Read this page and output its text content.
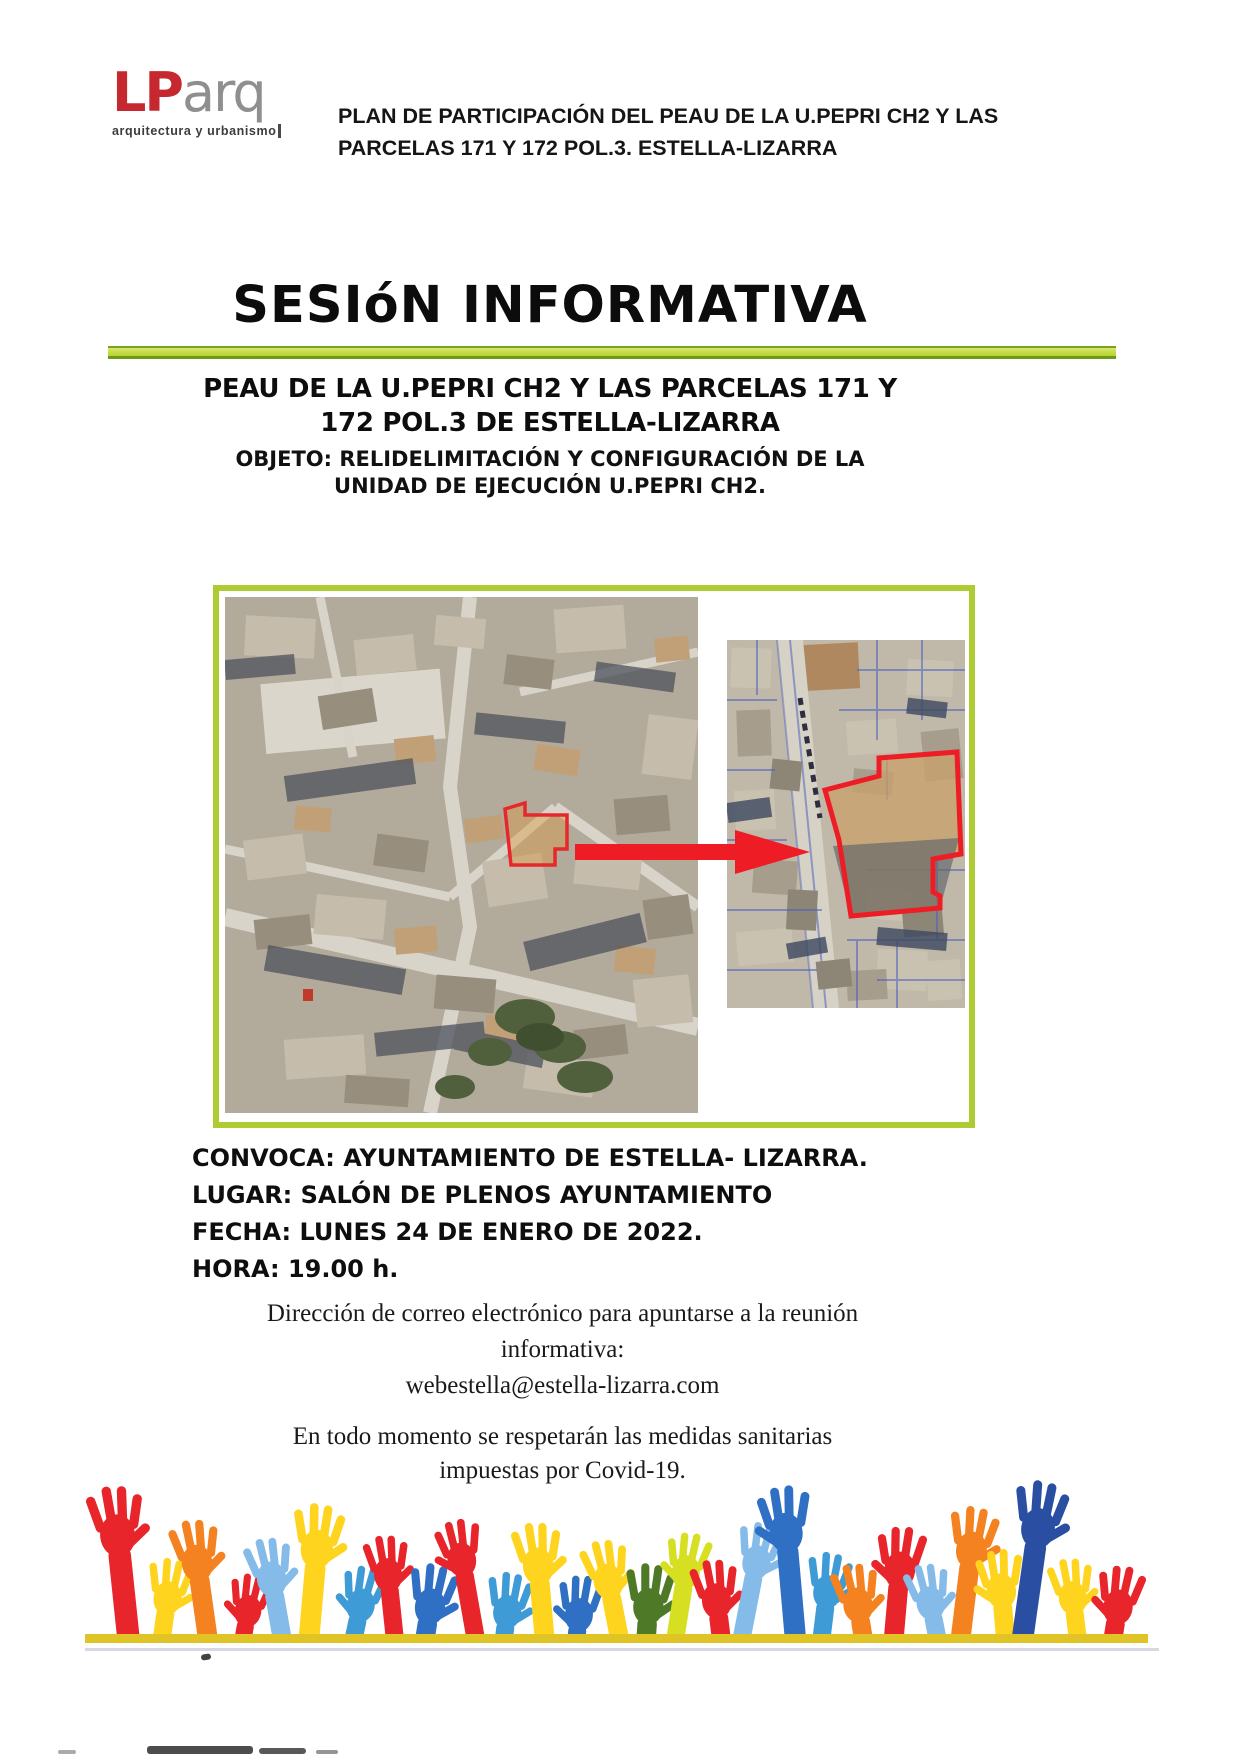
LParq
arquitectura y urbanismo
PLAN DE PARTICIPACIÓN DEL PEAU DE LA U.PEPRI CH2 Y LAS
PARCELAS 171 Y 172 POL.3. ESTELLA-LIZARRA
SESIóN INFORMATIVA
PEAU DE LA U.PEPRI CH2 Y LAS PARCELAS 171 Y
172 POL.3 DE ESTELLA-LIZARRA
OBJETO: RELIDELIMITACIÓN Y CONFIGURACIÓN DE LA
UNIDAD DE EJECUCIÓN U.PEPRI CH2.
CONVOCA: AYUNTAMIENTO DE ESTELLA- LIZARRA.
LUGAR: SALÓN DE PLENOS AYUNTAMIENTO
FECHA: LUNES 24 DE ENERO DE 2022.
HORA: 19.00 h.
Dirección de correo electrónico para apuntarse a la reunión
informativa:
webestella@estella-lizarra.com
En todo momento se respetarán las medidas sanitarias
impuestas por Covid-19.
